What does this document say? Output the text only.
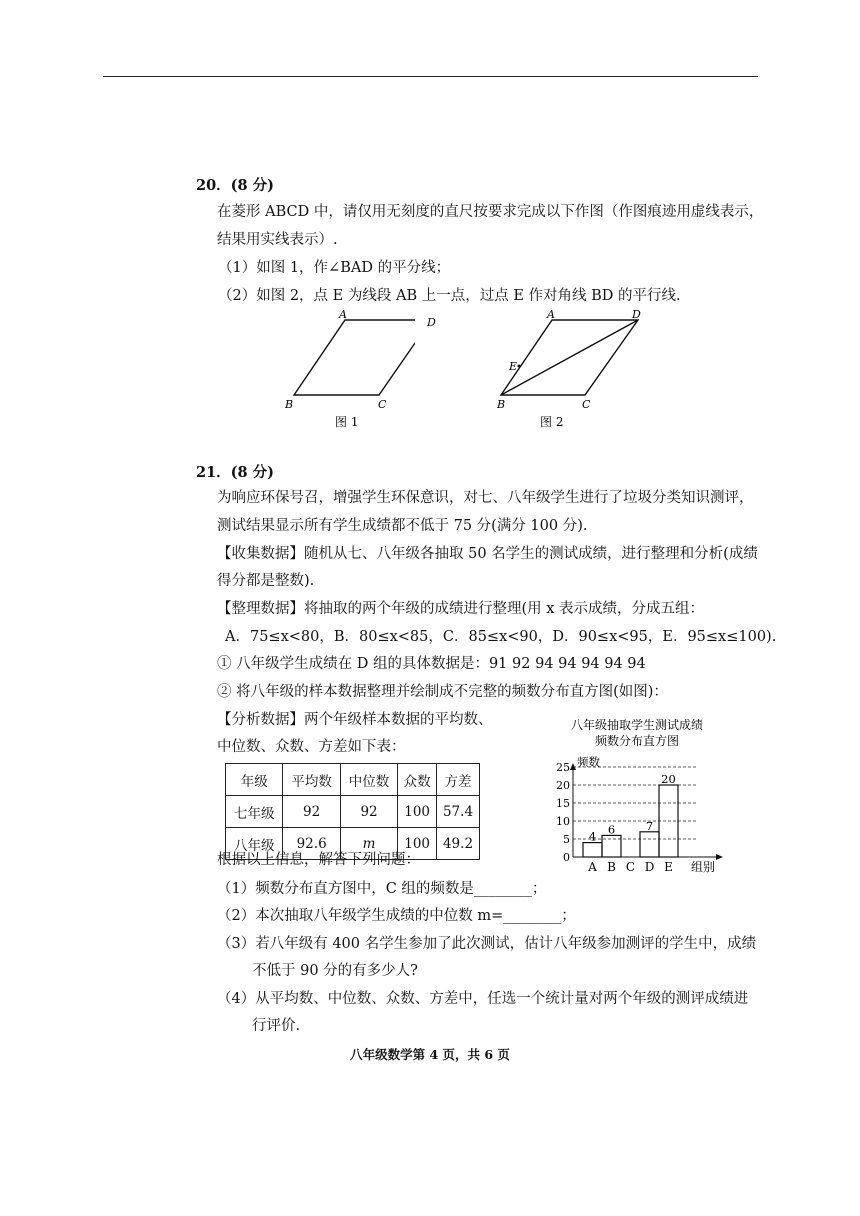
20．(8 分)
在菱形 ABCD 中，请仅用无刻度的直尺按要求完成以下作图（作图痕迹用虚线表示，
结果用实线表示）.
（1）如图 1，作∠BAD 的平分线；
（2）如图 2，点 E 为线段 AB 上一点，过点 E 作对角线 BD 的平行线.
A
B	C
图 1
D
A	D
E
B	C
图 2
21．(8 分)
为响应环保号召，增强学生环保意识，对七、八年级学生进行了垃圾分类知识测评，
测试结果显示所有学生成绩都不低于 75 分(满分 100 分).
【收集数据】随机从七、八年级各抽取 50 名学生的测试成绩，进行整理和分析(成绩
得分都是整数).
【整理数据】将抽取的两个年级的成绩进行整理(用 x 表示成绩，分成五组：
A．75≤x<80，B．80≤x<85，C．85≤x<90，D．90≤x<95，E．95≤x≤100).
① 八年级学生成绩在 D 组的具体数据是：91 92 94 94 94 94 94
② 将八年级的样本数据整理并绘制成不完整的频数分布直方图(如图)：
【分析数据】两个年级样本数据的平均数、
中位数、众数、方差如下表：
年级	平均数	中位数	众数	方差
七年级	92	92	100	57.4
八年级	92.6	m	100	49.2
八年级抽取学生测试成绩
频数分布直方图
频数
0
5
10
15
20
25
4
A
6
B C
7
D
20
E 组别
根据以上信息，解答下列问题：
（1）频数分布直方图中，C 组的频数是________；
（2）本次抽取八年级学生成绩的中位数 m=________；
（3）若八年级有 400 名学生参加了此次测试，估计八年级参加测评的学生中，成绩
不低于 90 分的有多少人?
（4）从平均数、中位数、众数、方差中，任选一个统计量对两个年级的测评成绩进
行评价.
八年级数学第 4 页，共 6 页
